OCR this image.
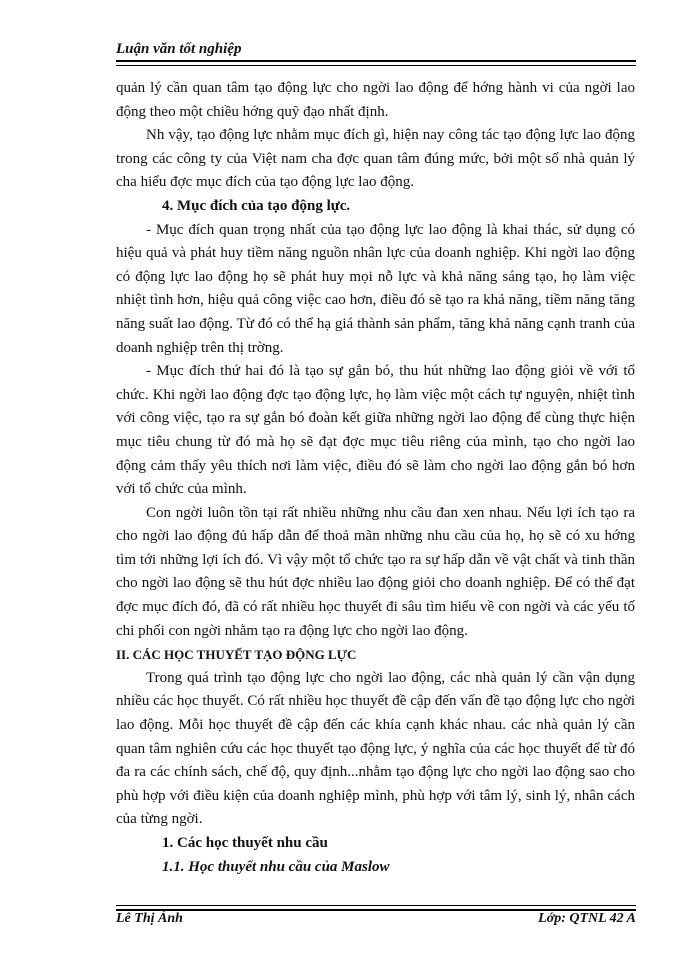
Luận văn tốt nghiệp

quản lý cần quan tâm tạo động lực cho ngời lao động để hớng hành vi của ngời lao động theo một chiều hớng quỹ đạo nhất định.

Nh vậy, tạo động lực nhằm mục đích gì, hiện nay công tác tạo động lực lao động trong các công ty của Việt nam cha đợc quan tâm đúng mức, bởi một số nhà quản lý cha hiểu đợc mục đích của tạo động lực lao động.

4. Mục đích của tạo động lực.

- Mục đích quan trọng nhất của tạo động lực lao động là khai thác, sử dụng có hiệu quả và phát huy tiềm năng nguồn nhân lực của doanh nghiệp. Khi ngời lao động có động lực lao động họ sẽ phát huy mọi nỗ lực và khả năng sáng tạo, họ làm việc nhiệt tình hơn, hiệu quả công việc cao hơn, điều đó sẽ tạo ra khả năng, tiềm năng tăng năng suất lao động. Từ đó có thể hạ giá thành sản phẩm, tăng khả năng cạnh tranh của doanh nghiệp trên thị trờng.

- Mục đích thứ hai đó là tạo sự gắn bó, thu hút những lao động giỏi về với tổ chức. Khi ngời lao động đợc tạo động lực, họ làm việc một cách tự nguyện, nhiệt tình với công việc, tạo ra sự gắn bó đoàn kết giữa những ngời lao động để cùng thực hiện mục tiêu chung từ đó mà họ sẽ đạt đợc mục tiêu riêng của mình, tạo cho ngời lao động cảm thấy yêu thích nơi làm việc, điều đó sẽ làm cho ngời lao động gắn bó hơn với tổ chức của mình.

Con ngời luôn tồn tại rất nhiều những nhu cầu đan xen nhau. Nếu lợi ích tạo ra cho ngời lao động đủ hấp dẫn để thoả mãn những nhu cầu của họ, họ sẽ có xu hớng tìm tới những lợi ích đó. Vì vậy một tổ chức tạo ra sự hấp dẫn về vật chất và tinh thần cho ngời lao động sẽ thu hút đợc nhiều lao động giỏi cho doanh nghiệp. Để có thể đạt đợc mục đích đó, đã có rất nhiều học thuyết đi sâu tìm hiểu về con ngời và các yếu tố chi phối con ngời nhằm tạo ra động lực cho ngời lao động.

II. CÁC HỌC THUYẾT TẠO ĐỘNG LỰC

Trong quá trình tạo động lực cho ngời lao động, các nhà quản lý cần vận dụng nhiều các học thuyết. Có rất nhiều học thuyết đề cập đến vấn đề tạo động lực cho ngời lao động. Mỗi học thuyết đề cập đến các khía cạnh khác nhau. các nhà quản lý cần quan tâm nghiên cứu các học thuyết tạo động lực, ý nghĩa của các học thuyết để từ đó đa ra các chính sách, chế độ, quy định...nhằm tạo động lực cho ngời lao động sao cho phù hợp với điều kiện của doanh nghiệp mình, phù hợp với tâm lý, sinh lý, nhân cách của từng ngời.

1. Các học thuyết nhu cầu

1.1. Học thuyết nhu cầu của Maslow

Lê Thị Ánh	Lớp: QTNL 42 A
